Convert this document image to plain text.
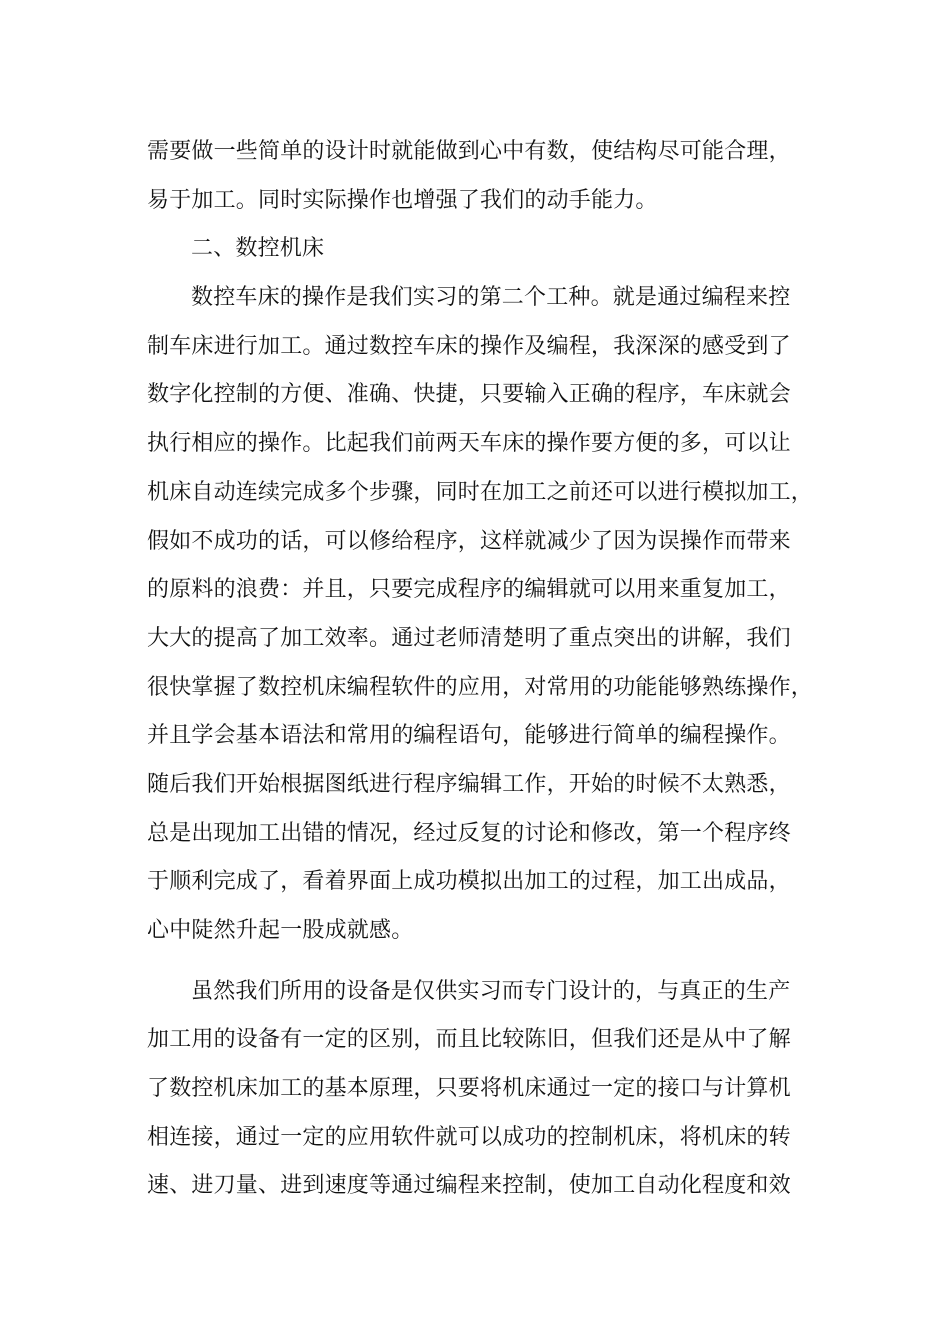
需要做一些简单的设计时就能做到心中有数，使结构尽可能合理，
易于加工。同时实际操作也增强了我们的动手能力。
二、数控机床
数控车床的操作是我们实习的第二个工种。就是通过编程来控
制车床进行加工。通过数控车床的操作及编程，我深深的感受到了
数字化控制的方便、准确、快捷，只要输入正确的程序，车床就会
执行相应的操作。比起我们前两天车床的操作要方便的多，可以让
机床自动连续完成多个步骤，同时在加工之前还可以进行模拟加工，
假如不成功的话，可以修给程序，这样就减少了因为误操作而带来
的原料的浪费：并且，只要完成程序的编辑就可以用来重复加工，
大大的提高了加工效率。通过老师清楚明了重点突出的讲解，我们
很快掌握了数控机床编程软件的应用，对常用的功能能够熟练操作，
并且学会基本语法和常用的编程语句，能够进行简单的编程操作。
随后我们开始根据图纸进行程序编辑工作，开始的时候不太熟悉，
总是出现加工出错的情况，经过反复的讨论和修改，第一个程序终
于顺利完成了，看着界面上成功模拟出加工的过程，加工出成品，
心中陡然升起一股成就感。
虽然我们所用的设备是仅供实习而专门设计的，与真正的生产
加工用的设备有一定的区别，而且比较陈旧，但我们还是从中了解
了数控机床加工的基本原理，只要将机床通过一定的接口与计算机
相连接，通过一定的应用软件就可以成功的控制机床，将机床的转
速、进刀量、进到速度等通过编程来控制，使加工自动化程度和效
